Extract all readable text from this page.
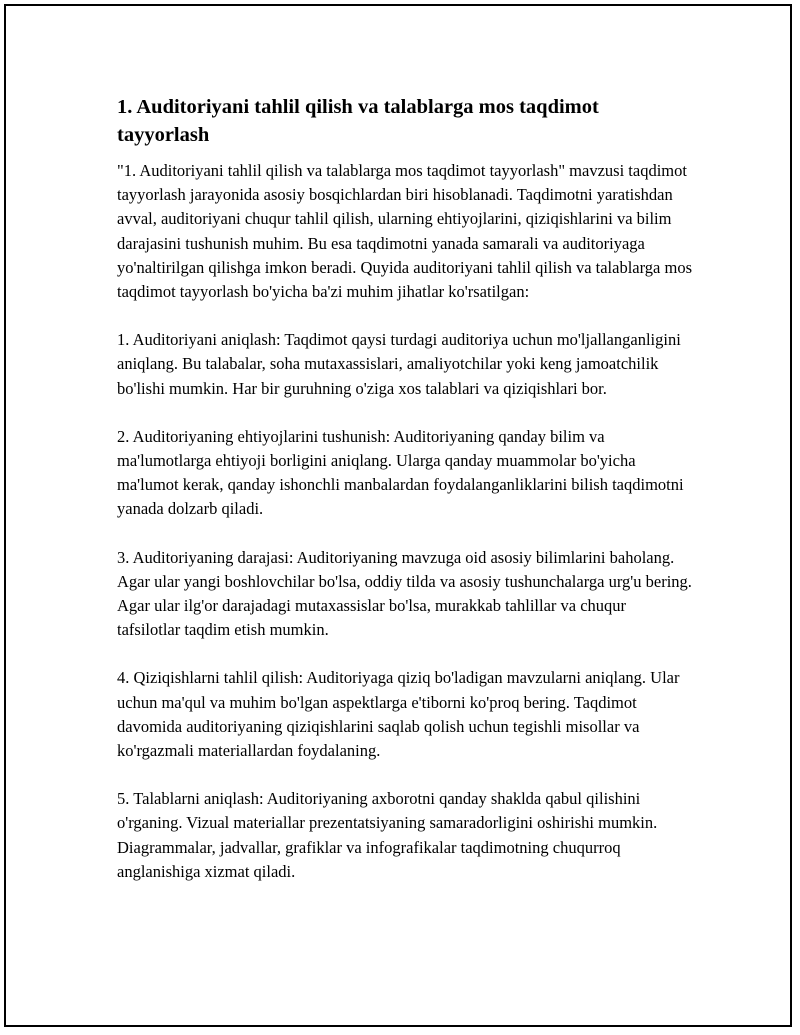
1. Auditoriyani tahlil qilish va talablarga mos taqdimot tayyorlash

"1. Auditoriyani tahlil qilish va talablarga mos taqdimot tayyorlash" mavzusi taqdimot tayyorlash jarayonida asosiy bosqichlardan biri hisoblanadi. Taqdimotni yaratishdan avval, auditoriyani chuqur tahlil qilish, ularning ehtiyojlarini, qiziqishlarini va bilim darajasini tushunish muhim. Bu esa taqdimotni yanada samarali va auditoriyaga yo'naltirilgan qilishga imkon beradi. Quyida auditoriyani tahlil qilish va talablarga mos taqdimot tayyorlash bo'yicha ba'zi muhim jihatlar ko'rsatilgan:

1. Auditoriyani aniqlash: Taqdimot qaysi turdagi auditoriya uchun mo'ljallanganligini aniqlang. Bu talabalar, soha mutaxassislari, amaliyotchilar yoki keng jamoatchilik bo'lishi mumkin. Har bir guruhning o'ziga xos talablari va qiziqishlari bor.

2. Auditoriyaning ehtiyojlarini tushunish: Auditoriyaning qanday bilim va ma'lumotlarga ehtiyoji borligini aniqlang. Ularga qanday muammolar bo'yicha ma'lumot kerak, qanday ishonchli manbalardan foydalanganliklarini bilish taqdimotni yanada dolzarb qiladi.

3. Auditoriyaning darajasi: Auditoriyaning mavzuga oid asosiy bilimlarini baholang. Agar ular yangi boshlovchilar bo'lsa, oddiy tilda va asosiy tushunchalarga urg'u bering. Agar ular ilg'or darajadagi mutaxassislar bo'lsa, murakkab tahlillar va chuqur tafsilotlar taqdim etish mumkin.

4. Qiziqishlarni tahlil qilish: Auditoriyaga qiziq bo'ladigan mavzularni aniqlang. Ular uchun ma'qul va muhim bo'lgan aspektlarga e'tiborni ko'proq bering. Taqdimot davomida auditoriyaning qiziqishlarini saqlab qolish uchun tegishli misollar va ko'rgazmali materiallardan foydalaning.

5. Talablarni aniqlash: Auditoriyaning axborotni qanday shaklda qabul qilishini o'rganing. Vizual materiallar prezentatsiyaning samaradorligini oshirishi mumkin. Diagrammalar, jadvallar, grafiklar va infografikalar taqdimotning chuqurroq anglanishiga xizmat qiladi.
